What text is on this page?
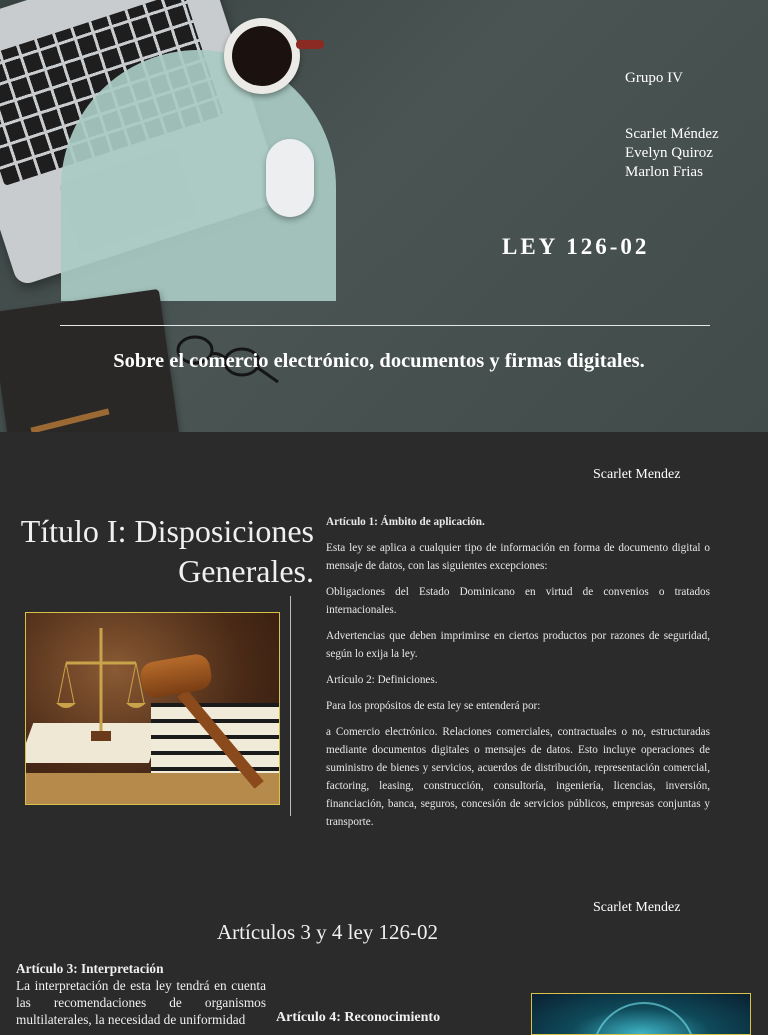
Grupo IV
Scarlet Méndez
Evelyn Quiroz
Marlon Frias
LEY 126-02
Sobre el comercio electrónico, documentos y firmas digitales.
Scarlet Mendez
Título I: Disposiciones
Generales.

Artículo 1: Ámbito de aplicación.

Esta ley se aplica a cualquier tipo de información en forma de documento digital o mensaje de datos, con las siguientes excepciones:

Obligaciones del Estado Dominicano en virtud de convenios o tratados internacionales.

Advertencias que deben imprimirse en ciertos productos por razones de seguridad, según lo exija la ley.

Artículo 2: Definiciones.

Para los propósitos de esta ley se entenderá por:

a Comercio electrónico. Relaciones comerciales, contractuales o no, estructuradas mediante documentos digitales o mensajes de datos. Esto incluye operaciones de suministro de bienes y servicios, acuerdos de distribución, representación comercial, factoring, leasing, construcción, consultoría, ingeniería, licencias, inversión, financiación, banca, seguros, concesión de servicios públicos, empresas conjuntas y transporte.

Scarlet Mendez
Artículos 3 y 4 ley 126-02
Artículo 3: Interpretación
La interpretación de esta ley tendrá en cuenta las recomendaciones de organismos multilaterales, la necesidad de uniformidad	Artículo 4: Reconocimiento
